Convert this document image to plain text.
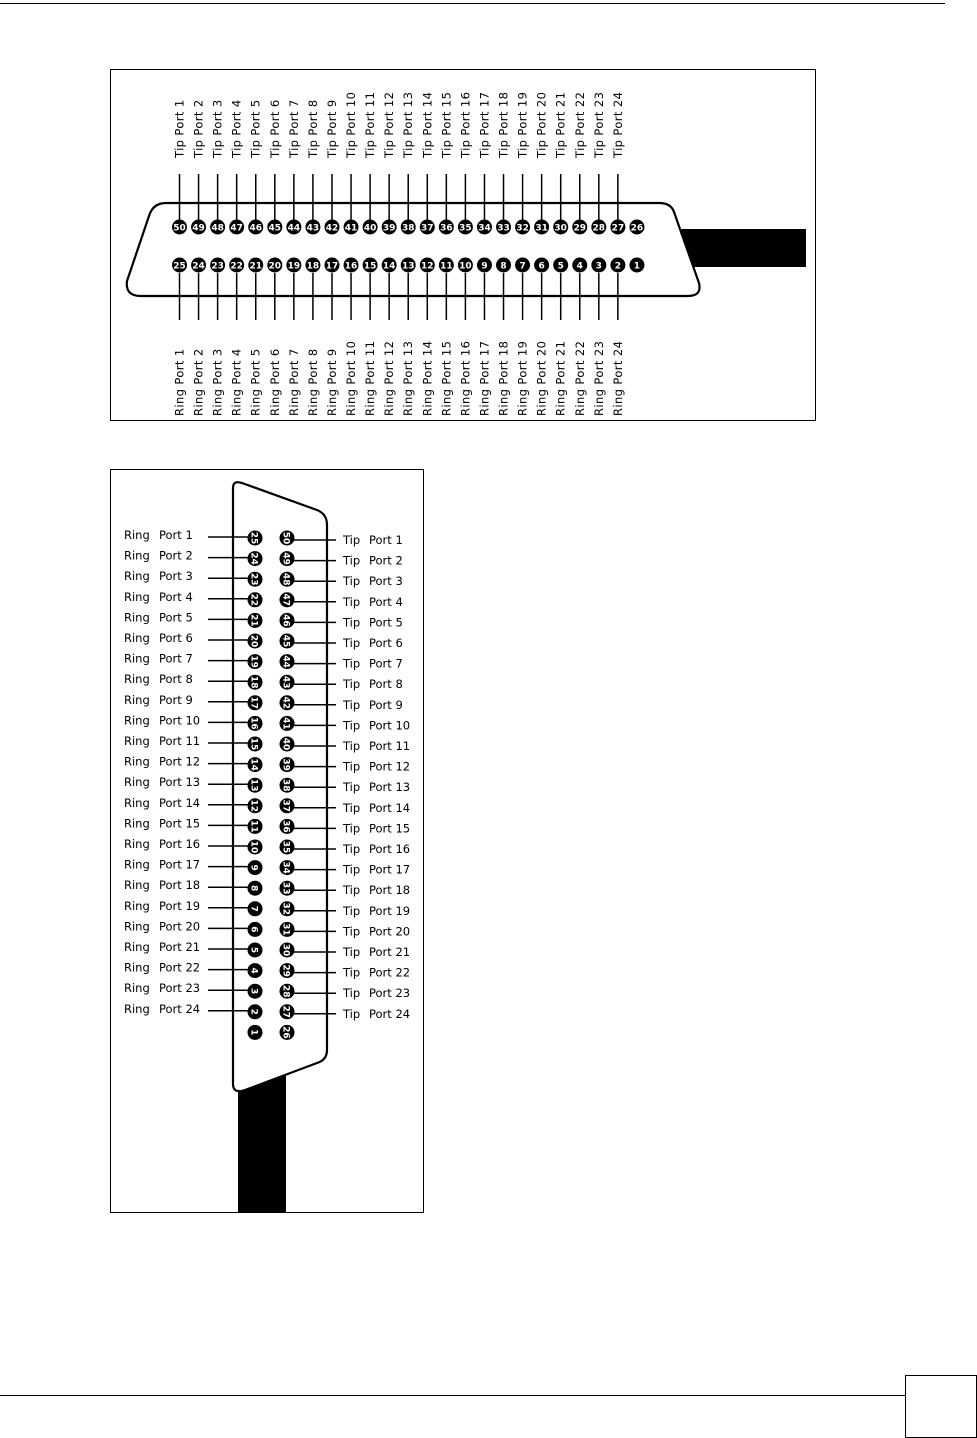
Tip Port 1 Tip Port 2 Tip Port 3 Tip Port 4 Tip Port 5 Tip Port 6 Tip Port 7 Tip Port 8 Tip Port 9 Tip Port 10 Tip Port 11 Tip Port 12 Tip Port 13 Tip Port 14 Tip Port 15 Tip Port 16 Tip Port 17 Tip Port 18 Tip Port 19 Tip Port 20 Tip Port 21 Tip Port 22 Tip Port 23 Tip Port 24
Ring Port 1 Ring Port 2 Ring Port 3 Ring Port 4 Ring Port 5 Ring Port 6 Ring Port 7 Ring Port 8 Ring Port 9 Ring Port 10 Ring Port 11 Ring Port 12 Ring Port 13 Ring Port 14 Ring Port 15 Ring Port 16 Ring Port 17 Ring Port 18 Ring Port 19 Ring Port 20 Ring Port 21 Ring Port 22 Ring Port 23 Ring Port 24
50 49 48 47 46 45 44 43 42 41 40 39 38 37 36 35 34 33 32 31 30 29 28 27 26
25 24 23 22 21 20 19 18 17 16 15 14 13 12 11 10 9 8 7 6 5 4 3 2 1
Ring Port 1
Ring Port 2
Ring Port 3
Ring Port 4
Ring Port 5
Ring Port 6
Ring Port 7
Ring Port 8
Ring Port 9
Ring Port 10
Ring Port 11
Ring Port 12
Ring Port 13
Ring Port 14
Ring Port 15
Ring Port 16
Ring Port 17
Ring Port 18
Ring Port 19
Ring Port 20
Ring Port 21
Ring Port 22
Ring Port 23
Ring Port 24
Tip Port 1
Tip Port 2
Tip Port 3
Tip Port 4
Tip Port 5
Tip Port 6
Tip Port 7
Tip Port 8
Tip Port 9
Tip Port 10
Tip Port 11
Tip Port 12
Tip Port 13
Tip Port 14
Tip Port 15
Tip Port 16
Tip Port 17
Tip Port 18
Tip Port 19
Tip Port 20
Tip Port 21
Tip Port 22
Tip Port 23
Tip Port 24
25
24
23
22
21
20
19
18
17
16
15
14
13
12
11
10
9
8
7
6
5
4
3
2
1
50
49
48
47
46
45
44
43
42
41
40
39
38
37
36
35
34
33
32
31
30
29
28
27
26
